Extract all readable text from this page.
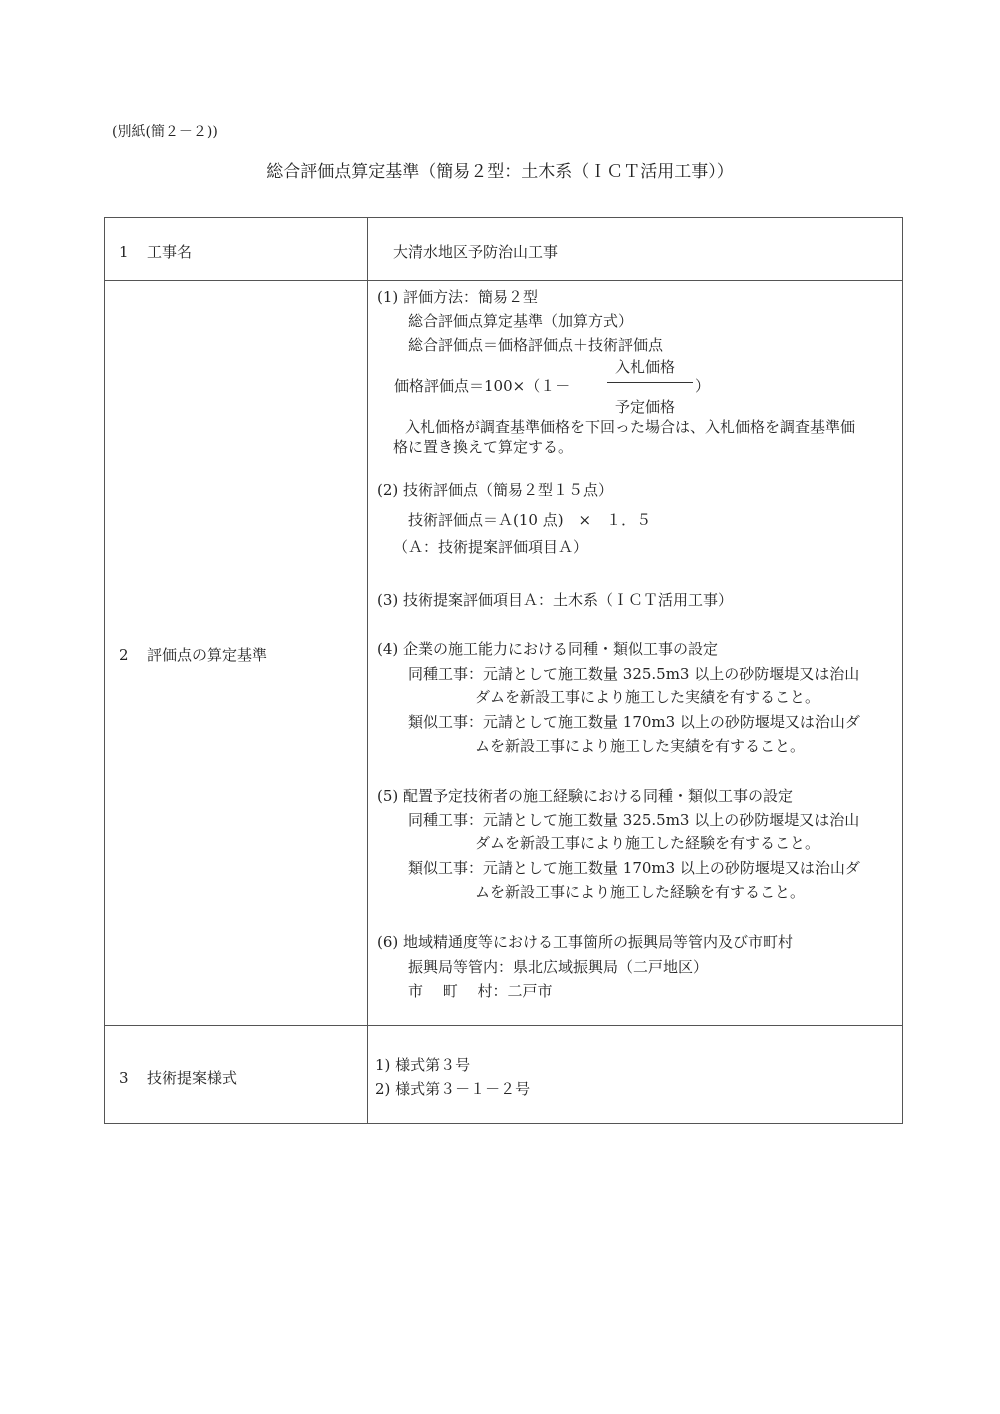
(別紙(簡２－２))
総合評価点算定基準（簡易２型：土木系（ＩＣＴ活用工事））
1 工事名
2 評価点の算定基準
3 技術提案様式
大清水地区予防治山工事
(1) 評価方法：簡易２型
総合評価点算定基準（加算方式）
総合評価点＝価格評価点＋技術評価点
入札価格
価格評価点＝100×（１－	）
予定価格
入札価格が調査基準価格を下回った場合は、入札価格を調査基準価
格に置き換えて算定する。
(2) 技術評価点（簡易２型１５点）
技術評価点＝Ａ(10 点)　×　１．５
（Ａ：技術提案評価項目Ａ）
(3) 技術提案評価項目Ａ：土木系（ＩＣＴ活用工事）
(4) 企業の施工能力における同種・類似工事の設定
同種工事：元請として施工数量 325.5m3 以上の砂防堰堤又は治山
ダムを新設工事により施工した実績を有すること。
類似工事：元請として施工数量 170m3 以上の砂防堰堤又は治山ダ
ムを新設工事により施工した実績を有すること。
(5) 配置予定技術者の施工経験における同種・類似工事の設定
同種工事：元請として施工数量 325.5m3 以上の砂防堰堤又は治山
ダムを新設工事により施工した経験を有すること。
類似工事：元請として施工数量 170m3 以上の砂防堰堤又は治山ダ
ムを新設工事により施工した経験を有すること。
(6) 地域精通度等における工事箇所の振興局等管内及び市町村
振興局等管内：県北広域振興局（二戸地区）
市　 町　 村：二戸市
1) 様式第３号
2) 様式第３－１－２号
